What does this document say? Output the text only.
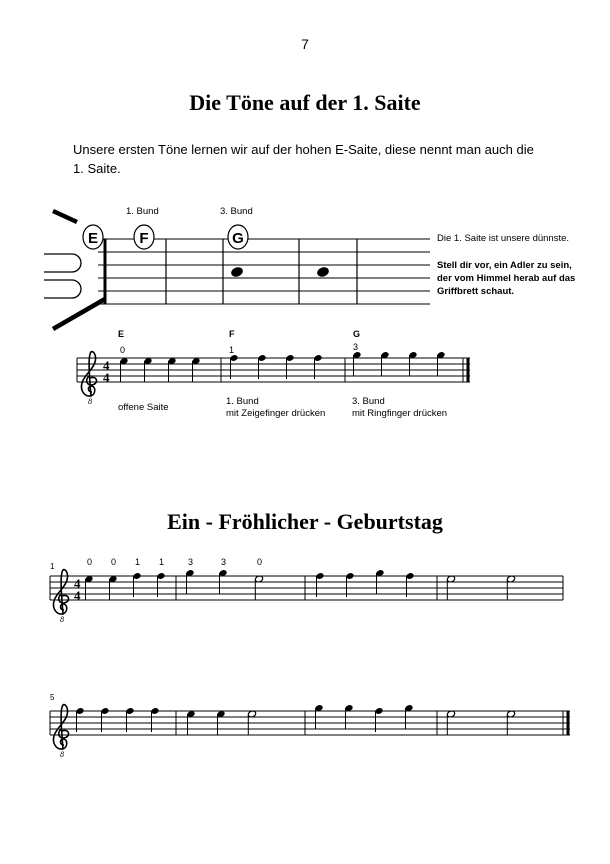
7
Die Töne auf der 1. Saite
Unsere ersten Töne lernen wir auf der hohen E-Saite, diese nennt man auch die 1. Saite.
E	F	G
1. Bund	3. Bund
Die 1. Saite ist unsere dünnste.
Stell dir vor, ein Adler zu sein, der vom Himmel herab auf das Griffbrett schaut.
8
4
4
E	F	G
0	1	3
offene Saite
1. Bund
mit Zeigefinger drücken
3. Bund
mit Ringfinger drücken
Ein - Fröhlicher - Geburtstag
1
8
4
4
0 0 1 1	3	3	0
5
8
